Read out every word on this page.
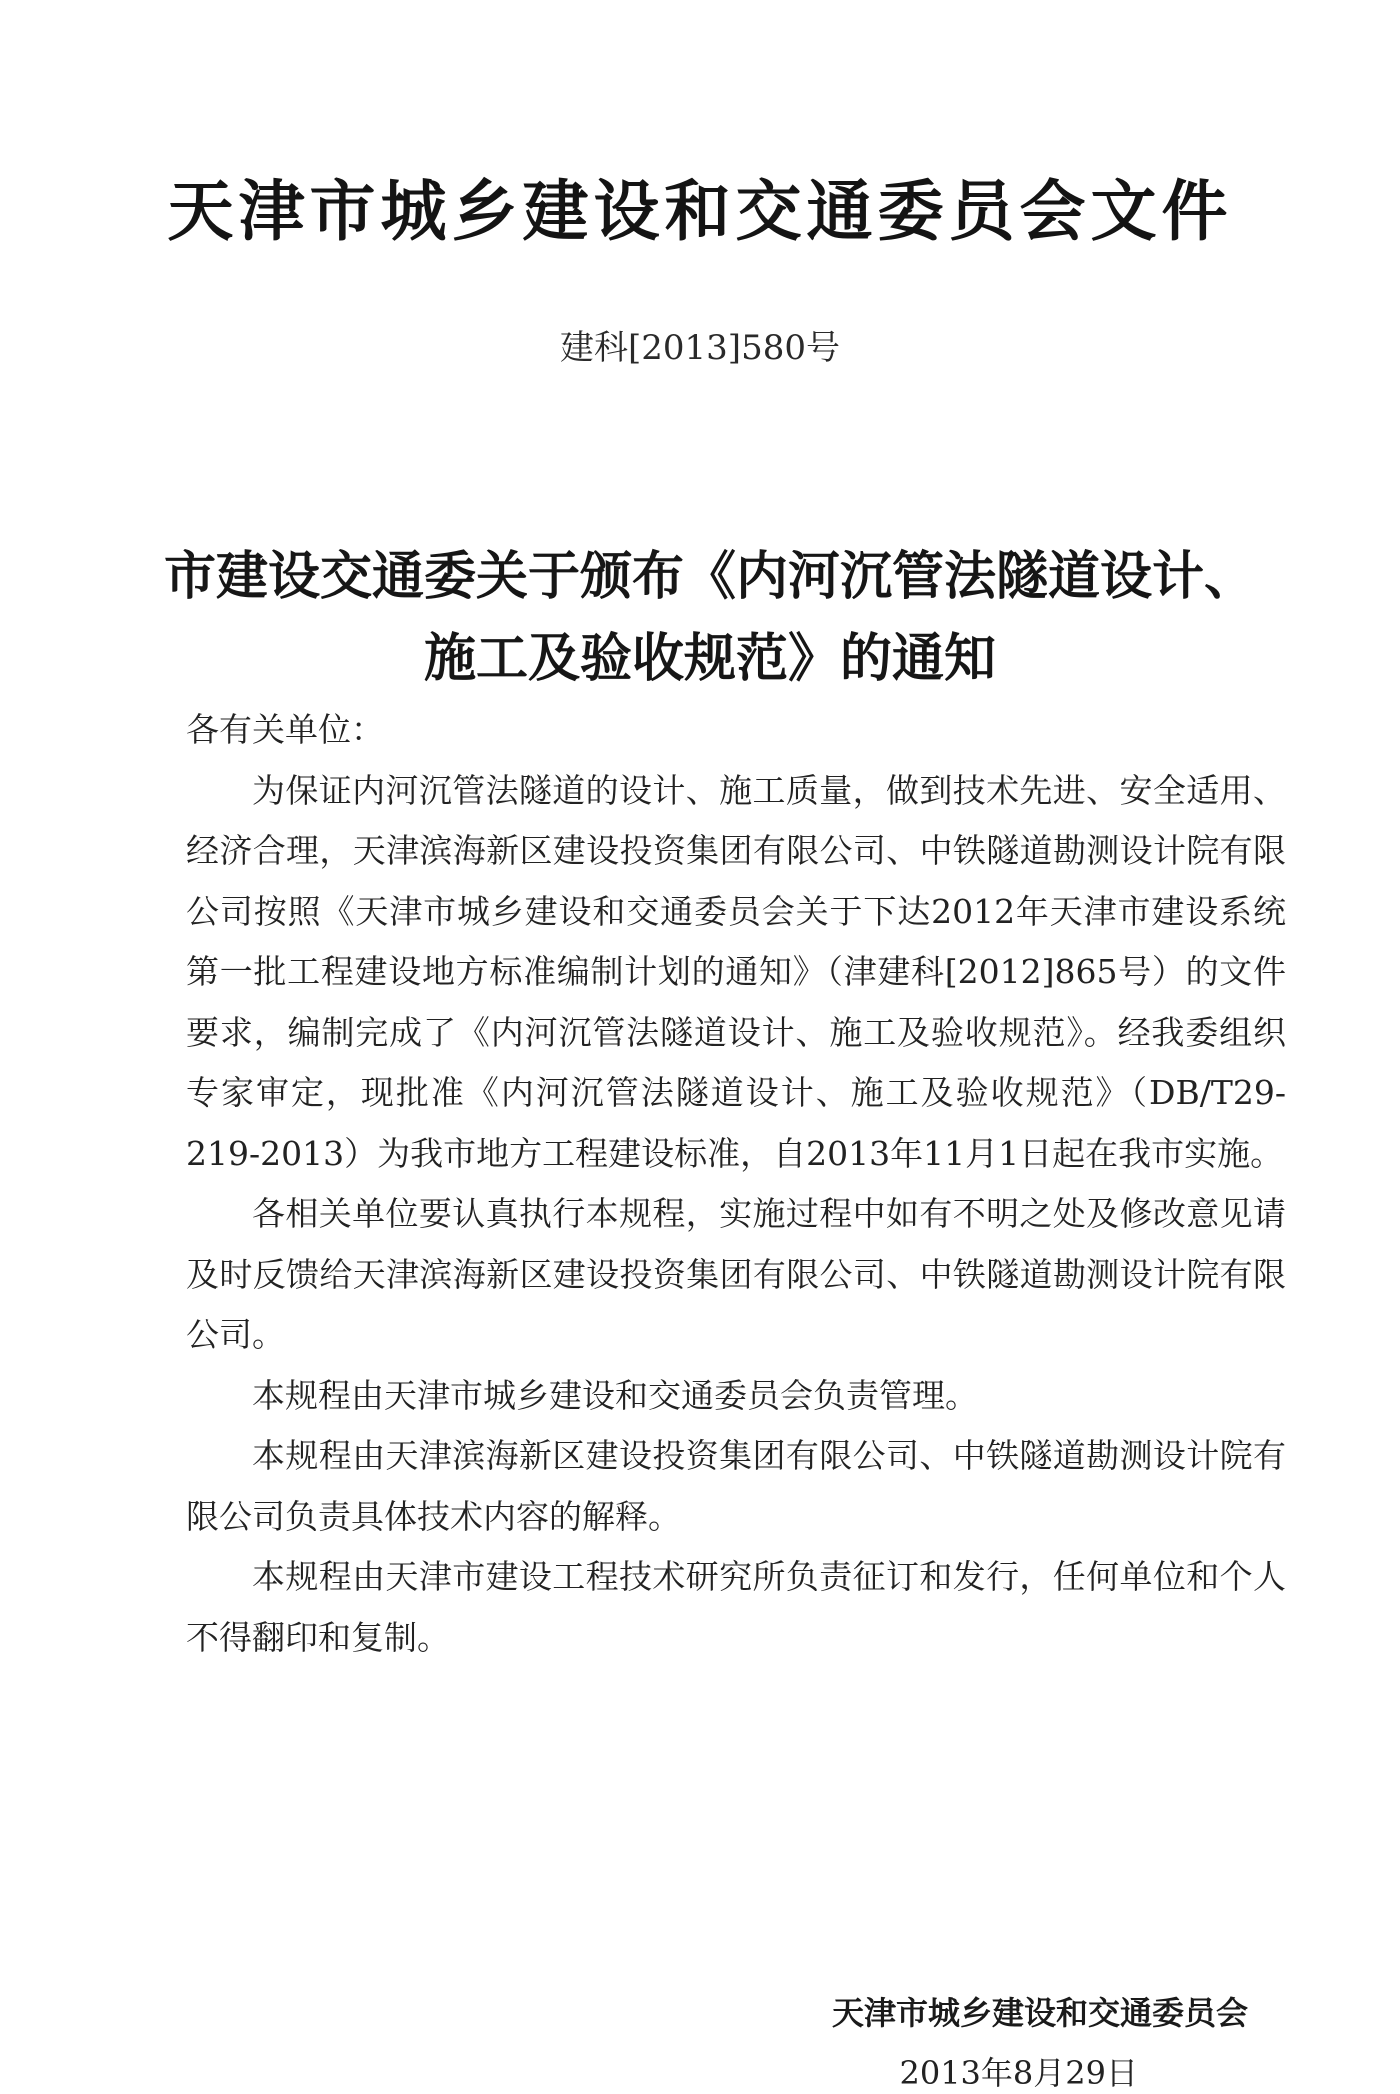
天津市城乡建设和交通委员会文件
建科[2013]580号
市建设交通委关于颁布《内河沉管法隧道设计、
施工及验收规范》的通知

各有关单位：

为保证内河沉管法隧道的设计、施工质量，做到技术先进、安全适用、经济合理，天津滨海新区建设投资集团有限公司、中铁隧道勘测设计院有限公司按照《天津市城乡建设和交通委员会关于下达2012年天津市建设系统第一批工程建设地方标准编制计划的通知》（津建科[2012]865号）的文件要求，编制完成了《内河沉管法隧道设计、施工及验收规范》。经我委组织专家审定，现批准《内河沉管法隧道设计、施工及验收规范》（DB/T29-219-2013）为我市地方工程建设标准，自2013年11月1日起在我市实施。

各相关单位要认真执行本规程，实施过程中如有不明之处及修改意见请及时反馈给天津滨海新区建设投资集团有限公司、中铁隧道勘测设计院有限公司。

本规程由天津市城乡建设和交通委员会负责管理。

本规程由天津滨海新区建设投资集团有限公司、中铁隧道勘测设计院有限公司负责具体技术内容的解释。

本规程由天津市建设工程技术研究所负责征订和发行，任何单位和个人不得翻印和复制。

天津市城乡建设和交通委员会
2013年8月29日
